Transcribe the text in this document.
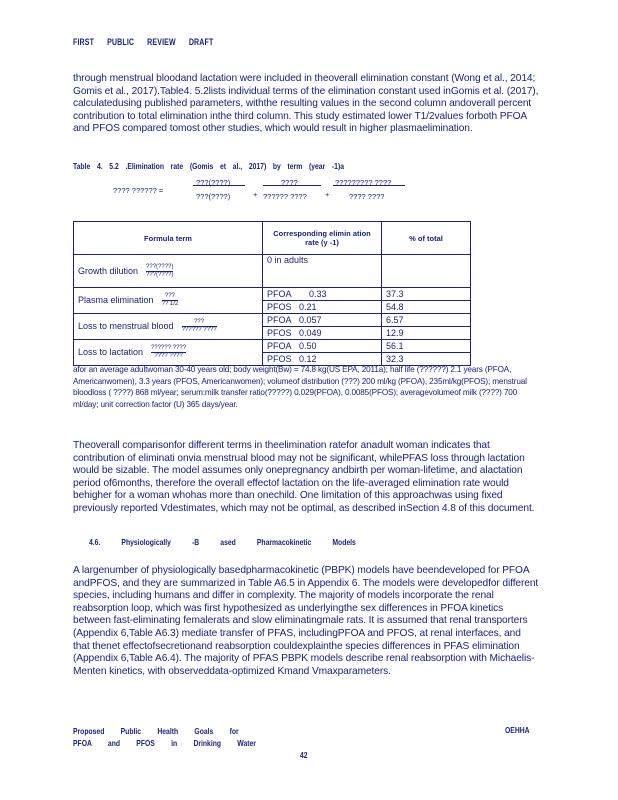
FIRST PUBLIC REVIEW DRAFT
through menstrual bloodand lactation were included in theoverall elimination constant (Wong et al., 2014; Gomis et al., 2017).Table4. 5.2lists individual terms of the elimination constant used inGomis et al. (2017), calculatedusing published parameters, withthe resulting values in the second column andoverall percent contribution to total elimination inthe third column. This study estimated lower T1/2values forboth PFOA and PFOS compared tomost other studies, which would result in higher plasmaelimination.
Table 4. 5.2 .Elimination rate (Gomis et al., 2017) by term (year -1)a
???? ?????? =
???(????)
???(????)	+
????
?????? ???? +
????????? ????
???? ????
Formula term	Corresponding elimin ation rate (y -1)	% of total
Growth dilution ???(????)
???(????)	0 in adults	
Plasma elimination ???
?? 1/2	PFOA 0.33	37.3
	PFOS 0.21	54.8
Loss to menstrual blood ???
?????? ????	PFOA 0.057	6.57
	PFOS 0.049	12.9
Loss to lactation ?????? ????
???? ????	PFOA 0.50	56.1
	PFOS 0.12	32.3
afor an average adultwoman 30-40 years old; body weight(Bw) = 74.8 kg(US EPA, 2011a); half life (??????) 2.1 years (PFOA, Americanwomen), 3.3 years (PFOS, Americanwomen); volumeof distribution (???) 200 ml/kg (PFOA), 235ml/kg(PFOS); menstrual bloodloss ( ????) 868 ml/year; serum:milk transfer ratio(?????) 0.029(PFOA), 0.0085(PFOS); averagevolumeof milk (????) 700 ml/day; unit correction factor (U) 365 days/year.
Theoverall comparisonfor different terms in theelimination ratefor anadult woman indicates that contribution of eliminati onvia menstrual blood may not be significant, whilePFAS loss through lactation would be sizable. The model assumes only onepregnancy andbirth per woman-lifetime, and alactation period of6months, therefore the overall effectof lactation on the life-averaged elimination rate would behigher for a woman whohas more than onechild. One limitation of this approachwas using fixed previously reported Vdestimates, which may not be optimal, as described inSection 4.8 of this document.
4.6. Physiologically -B ased Pharmacokinetic Models
A largenumber of physiologically basedpharmacokinetic (PBPK) models have beendeveloped for PFOA andPFOS, and they are summarized in Table A6.5 in Appendix 6. The models were developedfor different species, including humans and differ in complexity. The majority of models incorporate the renal reabsorption loop, which was first hypothesized as underlyingthe sex differences in PFOA kinetics between fast-eliminating femalerats and slow eliminatingmale rats. It is assumed that renal transporters (Appendix 6,Table A6.3) mediate transfer of PFAS, includingPFOA and PFOS, at renal interfaces, and that thenet effectofsecretionand reabsorption couldexplainthe species differences in PFAS elimination (Appendix 6,Table A6.4). The majority of PFAS PBPK models describe renal reabsorption with Michaelis-Menten kinetics, with observeddata-optimized Kmand Vmaxparameters.
Proposed Public Health Goals for
PFOA and PFOS in Drinking Water
OEHHA
42
